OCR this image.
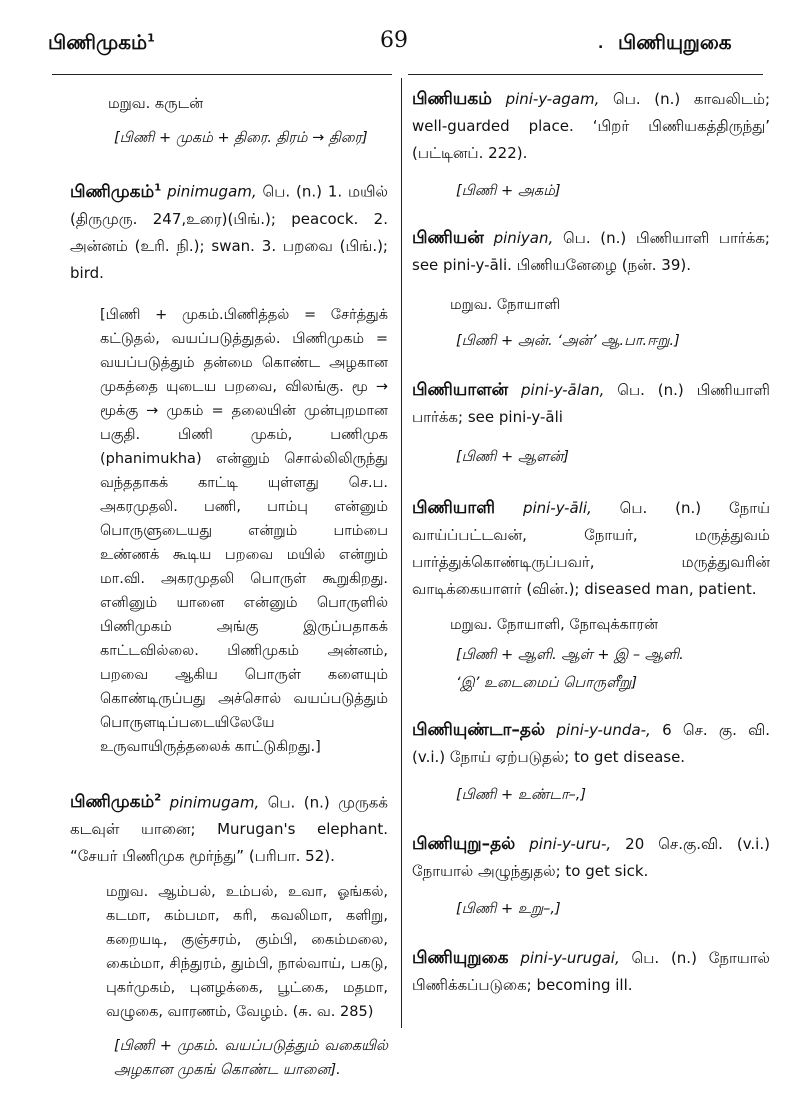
பிணிமுகம்$^1$	69	. பிணியுறுகை

மறுவ. கருடன்

[பிணி + முகம் + திரை. திரம் → திரை]

பிணிமுகம்$^1$ pinimugam, பெ. (n.) 1. மயில் (திருமுரு. 247,உரை)(பிங்.); peacock. 2. அன்னம் (உரி. நி.); swan. 3. பறவை (பிங்.); bird.

[பிணி + முகம்.பிணித்தல் = சேர்த்துக் கட்டுதல், வயப்படுத்துதல். பிணிமுகம் = வயப்படுத்தும் தன்மை கொண்ட அழகான முகத்தை யுடைய பறவை, விலங்கு. மூ → மூக்கு → முகம் = தலையின் முன்புறமான பகுதி. பிணி முகம், பணிமுக (phanimukha) என்னும் சொல்லிலிருந்து வந்ததாகக் காட்டி யுள்ளது செ.ப. அகரமுதலி. பணி, பாம்பு என்னும் பொருளுடையது என்றும் பாம்பை உண்ணக் கூடிய பறவை மயில் என்றும் மா.வி. அகரமுதலி பொருள் கூறுகிறது. எனினும் யானை என்னும் பொருளில் பிணிமுகம் அங்கு இருப்பதாகக் காட்டவில்லை. பிணிமுகம் அன்னம், பறவை ஆகிய பொருள் களையும் கொண்டிருப்பது அச்சொல் வயப்படுத்தும் பொருளடிப்படையிலேயே உருவாயிருத்தலைக் காட்டுகிறது.]

பிணிமுகம்$^2$ pinimugam, பெ. (n.) முருகக் கடவுள் யானை; Murugan's elephant. “சேயர் பிணிமுக மூர்ந்து” (பரிபா. 52).

மறுவ. ஆம்பல், உம்பல், உவா, ஓங்கல், கடமா, கம்பமா, கரி, கவலிமா, களிறு, கறையடி, குஞ்சரம், கும்பி, கைம்மலை, கைம்மா, சிந்துரம், தும்பி, நால்வாய், பகடு, புகர்முகம், புனழக்கை, பூட்கை, மதமா, வழுகை, வாரணம், வேழம். (சு. வ. 285)

[பிணி + முகம். வயப்படுத்தும் வகையில் அழகான முகங் கொண்ட யானை].

பிணியகம் pini-y-agam, பெ. (n.) காவலிடம்; well-guarded place. ‘பிறர் பிணியகத்திருந்து’ (பட்டினப். 222).

[பிணி + அகம்]

பிணியன் piniyan, பெ. (n.) பிணியாளி பார்க்க; see pini-y-āli. பிணியனேழை (நன். 39).

மறுவ. நோயாளி

[பிணி + அன். ‘அன்’ ஆ.பா.ஈறு.]

பிணியாளன் pini-y-ālan, பெ. (n.) பிணியாளி பார்க்க; see pini-y-āli

[பிணி + ஆளன்]

பிணியாளி pini-y-āli, பெ. (n.) நோய் வாய்ப்பட்டவன், நோயர், மருத்துவம் பார்த்துக்கொண்டிருப்பவர், மருத்துவரின் வாடிக்கையாளர் (வின்.); diseased man, patient.

மறுவ. நோயாளி, நோவுக்காரன்

[பிணி + ஆளி. ஆள் + இ – ஆளி.

‘இ’ உடைமைப் பொருளீறு]

பிணியுண்டா–தல் pini-y-unda-, 6 செ. கு. வி. (v.i.) நோய் ஏற்படுதல்; to get disease.

[பிணி + உண்டா–,]

பிணியுறு–தல் pini-y-uru-, 20 செ.கு.வி. (v.i.) நோயால் அழுந்துதல்; to get sick.

[பிணி + உறு–,]

பிணியுறுகை pini-y-urugai, பெ. (n.) நோயால் பிணிக்கப்படுகை; becoming ill.
